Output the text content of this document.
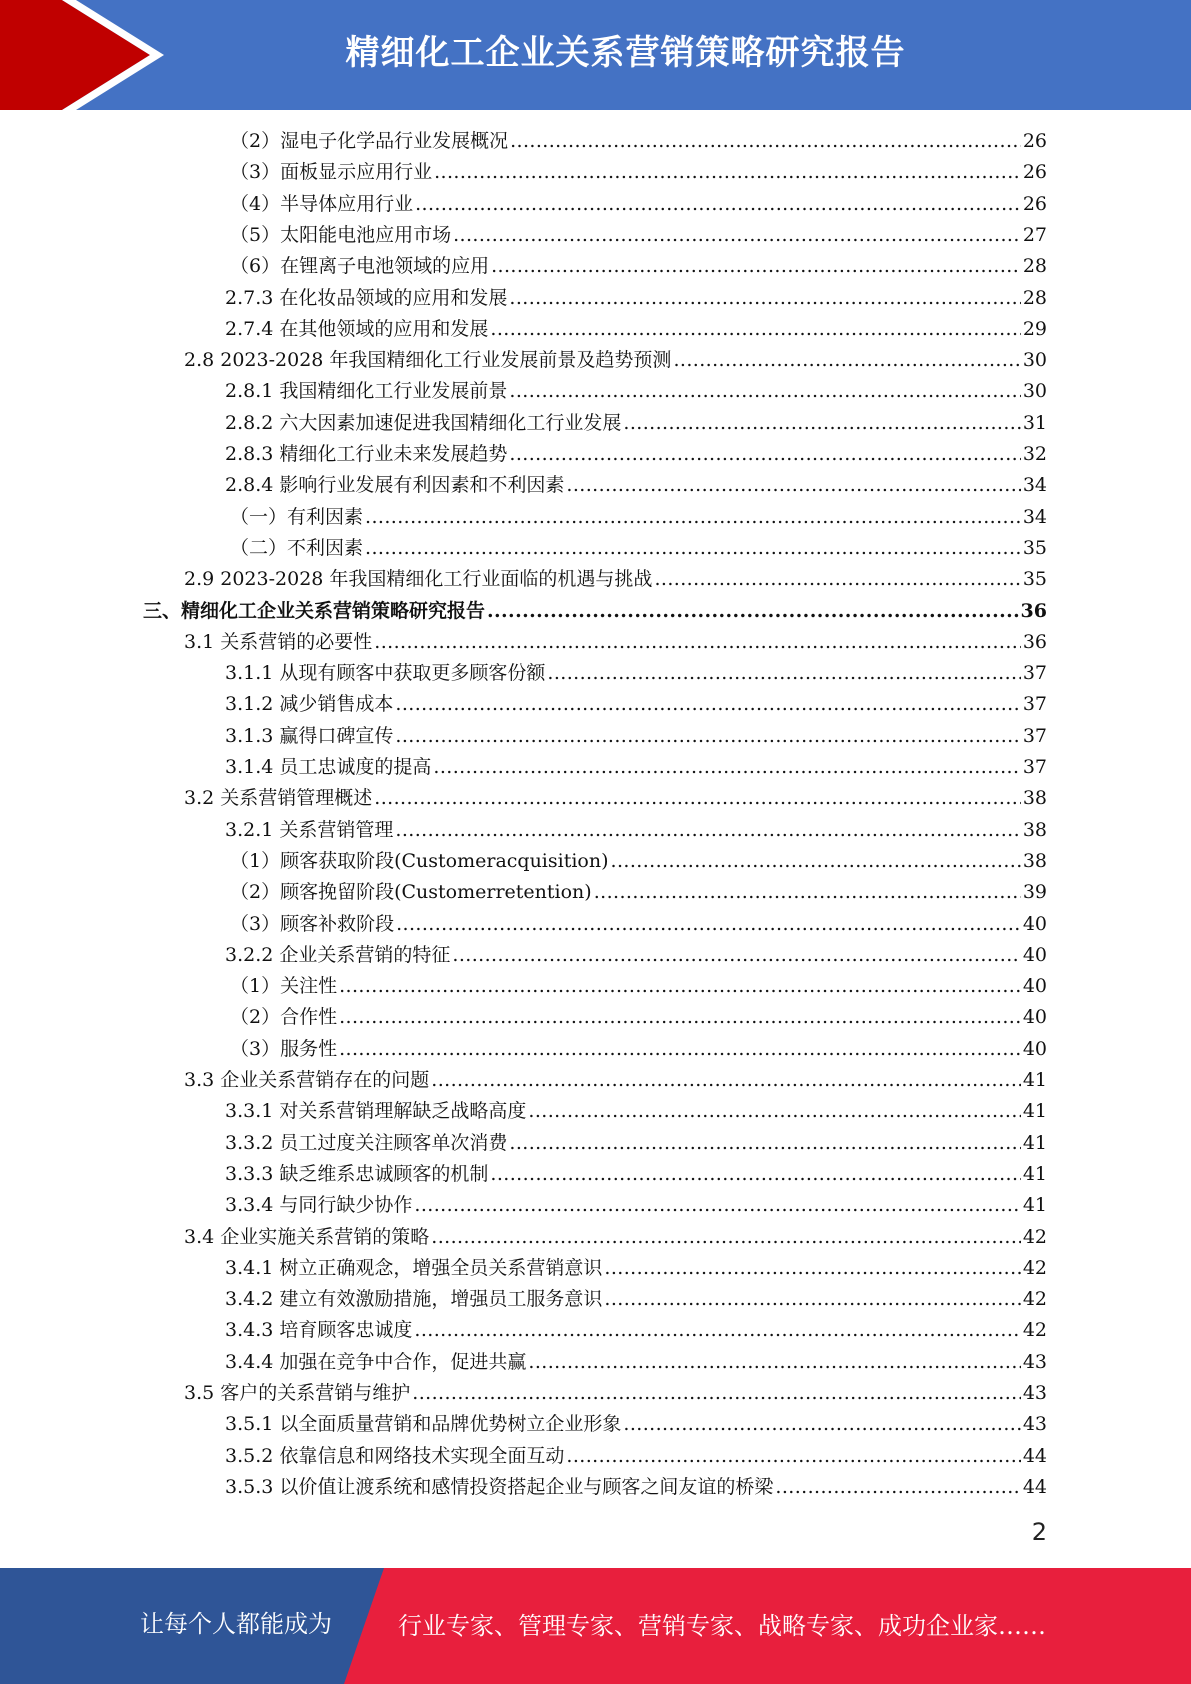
精细化工企业关系营销策略研究报告
（2）湿电子化学品行业发展概况 .....	26
（3）面板显示应用行业 .....	26
（4）半导体应用行业 .....	26
（5）太阳能电池应用市场 .....	27
（6）在锂离子电池领域的应用 .....	28
2.7.3 在化妆品领域的应用和发展 .....	28
2.7.4 在其他领域的应用和发展 .....	29
2.8 2023-2028 年我国精细化工行业发展前景及趋势预测 .....	30
2.8.1 我国精细化工行业发展前景 .....	30
2.8.2 六大因素加速促进我国精细化工行业发展 .....	31
2.8.3 精细化工行业未来发展趋势 .....	32
2.8.4 影响行业发展有利因素和不利因素 .....	34
（一）有利因素 .....	34
（二）不利因素 .....	35
2.9 2023-2028 年我国精细化工行业面临的机遇与挑战 .....	35
三、精细化工企业关系营销策略研究报告 .....	36
3.1 关系营销的必要性 .....	36
3.1.1 从现有顾客中获取更多顾客份额 .....	37
3.1.2 减少销售成本 .....	37
3.1.3 赢得口碑宣传 .....	37
3.1.4 员工忠诚度的提高 .....	37
3.2 关系营销管理概述 .....	38
3.2.1 关系营销管理 .....	38
（1）顾客获取阶段(Customeracquisition) .....	38
（2）顾客挽留阶段(Customerretention) .....	39
（3）顾客补救阶段 .....	40
3.2.2 企业关系营销的特征 .....	40
（1）关注性 .....	40
（2）合作性 .....	40
（3）服务性 .....	40
3.3 企业关系营销存在的问题 .....	41
3.3.1 对关系营销理解缺乏战略高度 .....	41
3.3.2 员工过度关注顾客单次消费 .....	41
3.3.3 缺乏维系忠诚顾客的机制 .....	41
3.3.4 与同行缺少协作 .....	41
3.4 企业实施关系营销的策略 .....	42
3.4.1 树立正确观念，增强全员关系营销意识 .....	42
3.4.2 建立有效激励措施，增强员工服务意识 .....	42
3.4.3 培育顾客忠诚度 .....	42
3.4.4 加强在竞争中合作，促进共赢 .....	43
3.5 客户的关系营销与维护 .....	43
3.5.1 以全面质量营销和品牌优势树立企业形象 .....	43
3.5.2 依靠信息和网络技术实现全面互动 .....	44
3.5.3 以价值让渡系统和感情投资搭起企业与顾客之间友谊的桥梁 .....	44
2
让每个人都能成为	行业专家、管理专家、营销专家、战略专家、成功企业家……
